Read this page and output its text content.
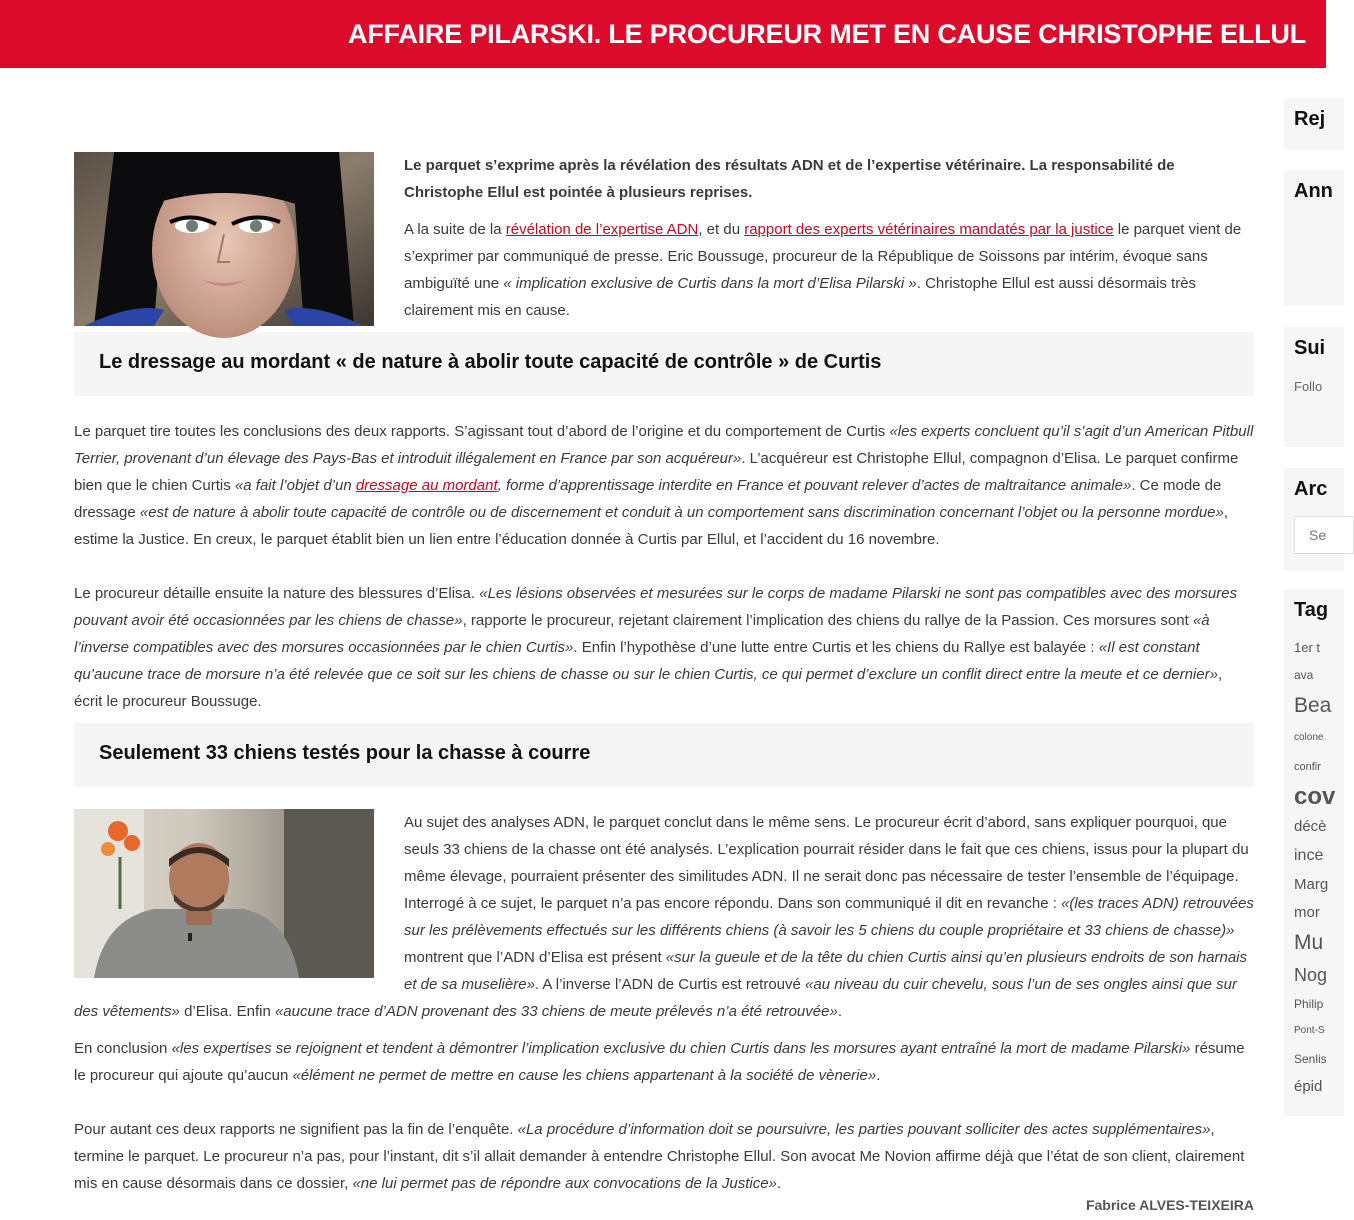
AFFAIRE PILARSKI. LE PROCUREUR MET EN CAUSE CHRISTOPHE ELLUL

Le parquet s’exprime après la révélation des résultats ADN et de l’expertise vétérinaire. La responsabilité de Christophe Ellul est pointée à plusieurs reprises.

A la suite de la révélation de l’expertise ADN, et du rapport des experts vétérinaires mandatés par la justice le parquet vient de s’exprimer par communiqué de presse. Eric Boussuge, procureur de la République de Soissons par intérim, évoque sans ambiguïté une « implication exclusive de Curtis dans la mort d’Elisa Pilarski ». Christophe Ellul est aussi désormais très clairement mis en cause.

Le dressage au mordant « de nature à abolir toute capacité de contrôle » de Curtis

Le parquet tire toutes les conclusions des deux rapports. S’agissant tout d’abord de l’origine et du comportement de Curtis «les experts concluent qu’il s’agit d’un American Pitbull Terrier, provenant d’un élevage des Pays-Bas et introduit illégalement en France par son acquéreur». L’acquéreur est Christophe Ellul, compagnon d’Elisa. Le parquet confirme bien que le chien Curtis «a fait l’objet d’un dressage au mordant, forme d’apprentissage interdite en France et pouvant relever d’actes de maltraitance animale». Ce mode de dressage «est de nature à abolir toute capacité de contrôle ou de discernement et conduit à un comportement sans discrimination concernant l’objet ou la personne mordue», estime la Justice. En creux, le parquet établit bien un lien entre l’éducation donnée à Curtis par Ellul, et l’accident du 16 novembre.

Le procureur détaille ensuite la nature des blessures d’Elisa. «Les lésions observées et mesurées sur le corps de madame Pilarski ne sont pas compatibles avec des morsures pouvant avoir été occasionnées par les chiens de chasse», rapporte le procureur, rejetant clairement l’implication des chiens du rallye de la Passion. Ces morsures sont «à l’inverse compatibles avec des morsures occasionnées par le chien Curtis». Enfin l’hypothèse d’une lutte entre Curtis et les chiens du Rallye est balayée : «Il est constant qu’aucune trace de morsure n’a été relevée que ce soit sur les chiens de chasse ou sur le chien Curtis, ce qui permet d’exclure un conflit direct entre la meute et ce dernier», écrit le procureur Boussuge.

Seulement 33 chiens testés pour la chasse à courre

Au sujet des analyses ADN, le parquet conclut dans le même sens. Le procureur écrit d’abord, sans expliquer pourquoi, que seuls 33 chiens de la chasse ont été analysés. L’explication pourrait résider dans le fait que ces chiens, issus pour la plupart du même élevage, pourraient présenter des similitudes ADN. Il ne serait donc pas nécessaire de tester l’ensemble de l’équipage. Interrogé à ce sujet, le parquet n’a pas encore répondu. Dans son communiqué il dit en revanche : «(les traces ADN) retrouvées sur les prélèvements effectués sur les différents chiens (à savoir les 5 chiens du couple propriétaire et 33 chiens de chasse)» montrent que l’ADN d’Elisa est présent «sur la gueule et de la tête du chien Curtis ainsi qu’en plusieurs endroits de son harnais et de sa muselière». A l’inverse l’ADN de Curtis est retrouvé «au niveau du cuir chevelu, sous l’un de ses ongles ainsi que sur des vêtements» d’Elisa. Enfin «aucune trace d’ADN provenant des 33 chiens de meute prélevés n’a été retrouvée».

En conclusion «les expertises se rejoignent et tendent à démontrer l’implication exclusive du chien Curtis dans les morsures ayant entraîné la mort de madame Pilarski» résume le procureur qui ajoute qu’aucun «élément ne permet de mettre en cause les chiens appartenant à la société de vènerie».

Pour autant ces deux rapports ne signifient pas la fin de l’enquête. «La procédure d’information doit se poursuivre, les parties pouvant solliciter des actes supplémentaires», termine le parquet. Le procureur n’a pas, pour l’instant, dit s’il allait demander à entendre Christophe Ellul. Son avocat Me Novion affirme déjà que l’état de son client, clairement mis en cause désormais dans ce dossier, «ne lui permet pas de répondre aux convocations de la Justice».

Fabrice ALVES-TEIXEIRA
Rej
Ann
Sui
Follo
Arc
Se
Tag
1er t
ava
Bea
colone
confir
cov
décè
ince
Marg
mor
Mu
Nog
Philip
Pont-S
Senlis
épid
